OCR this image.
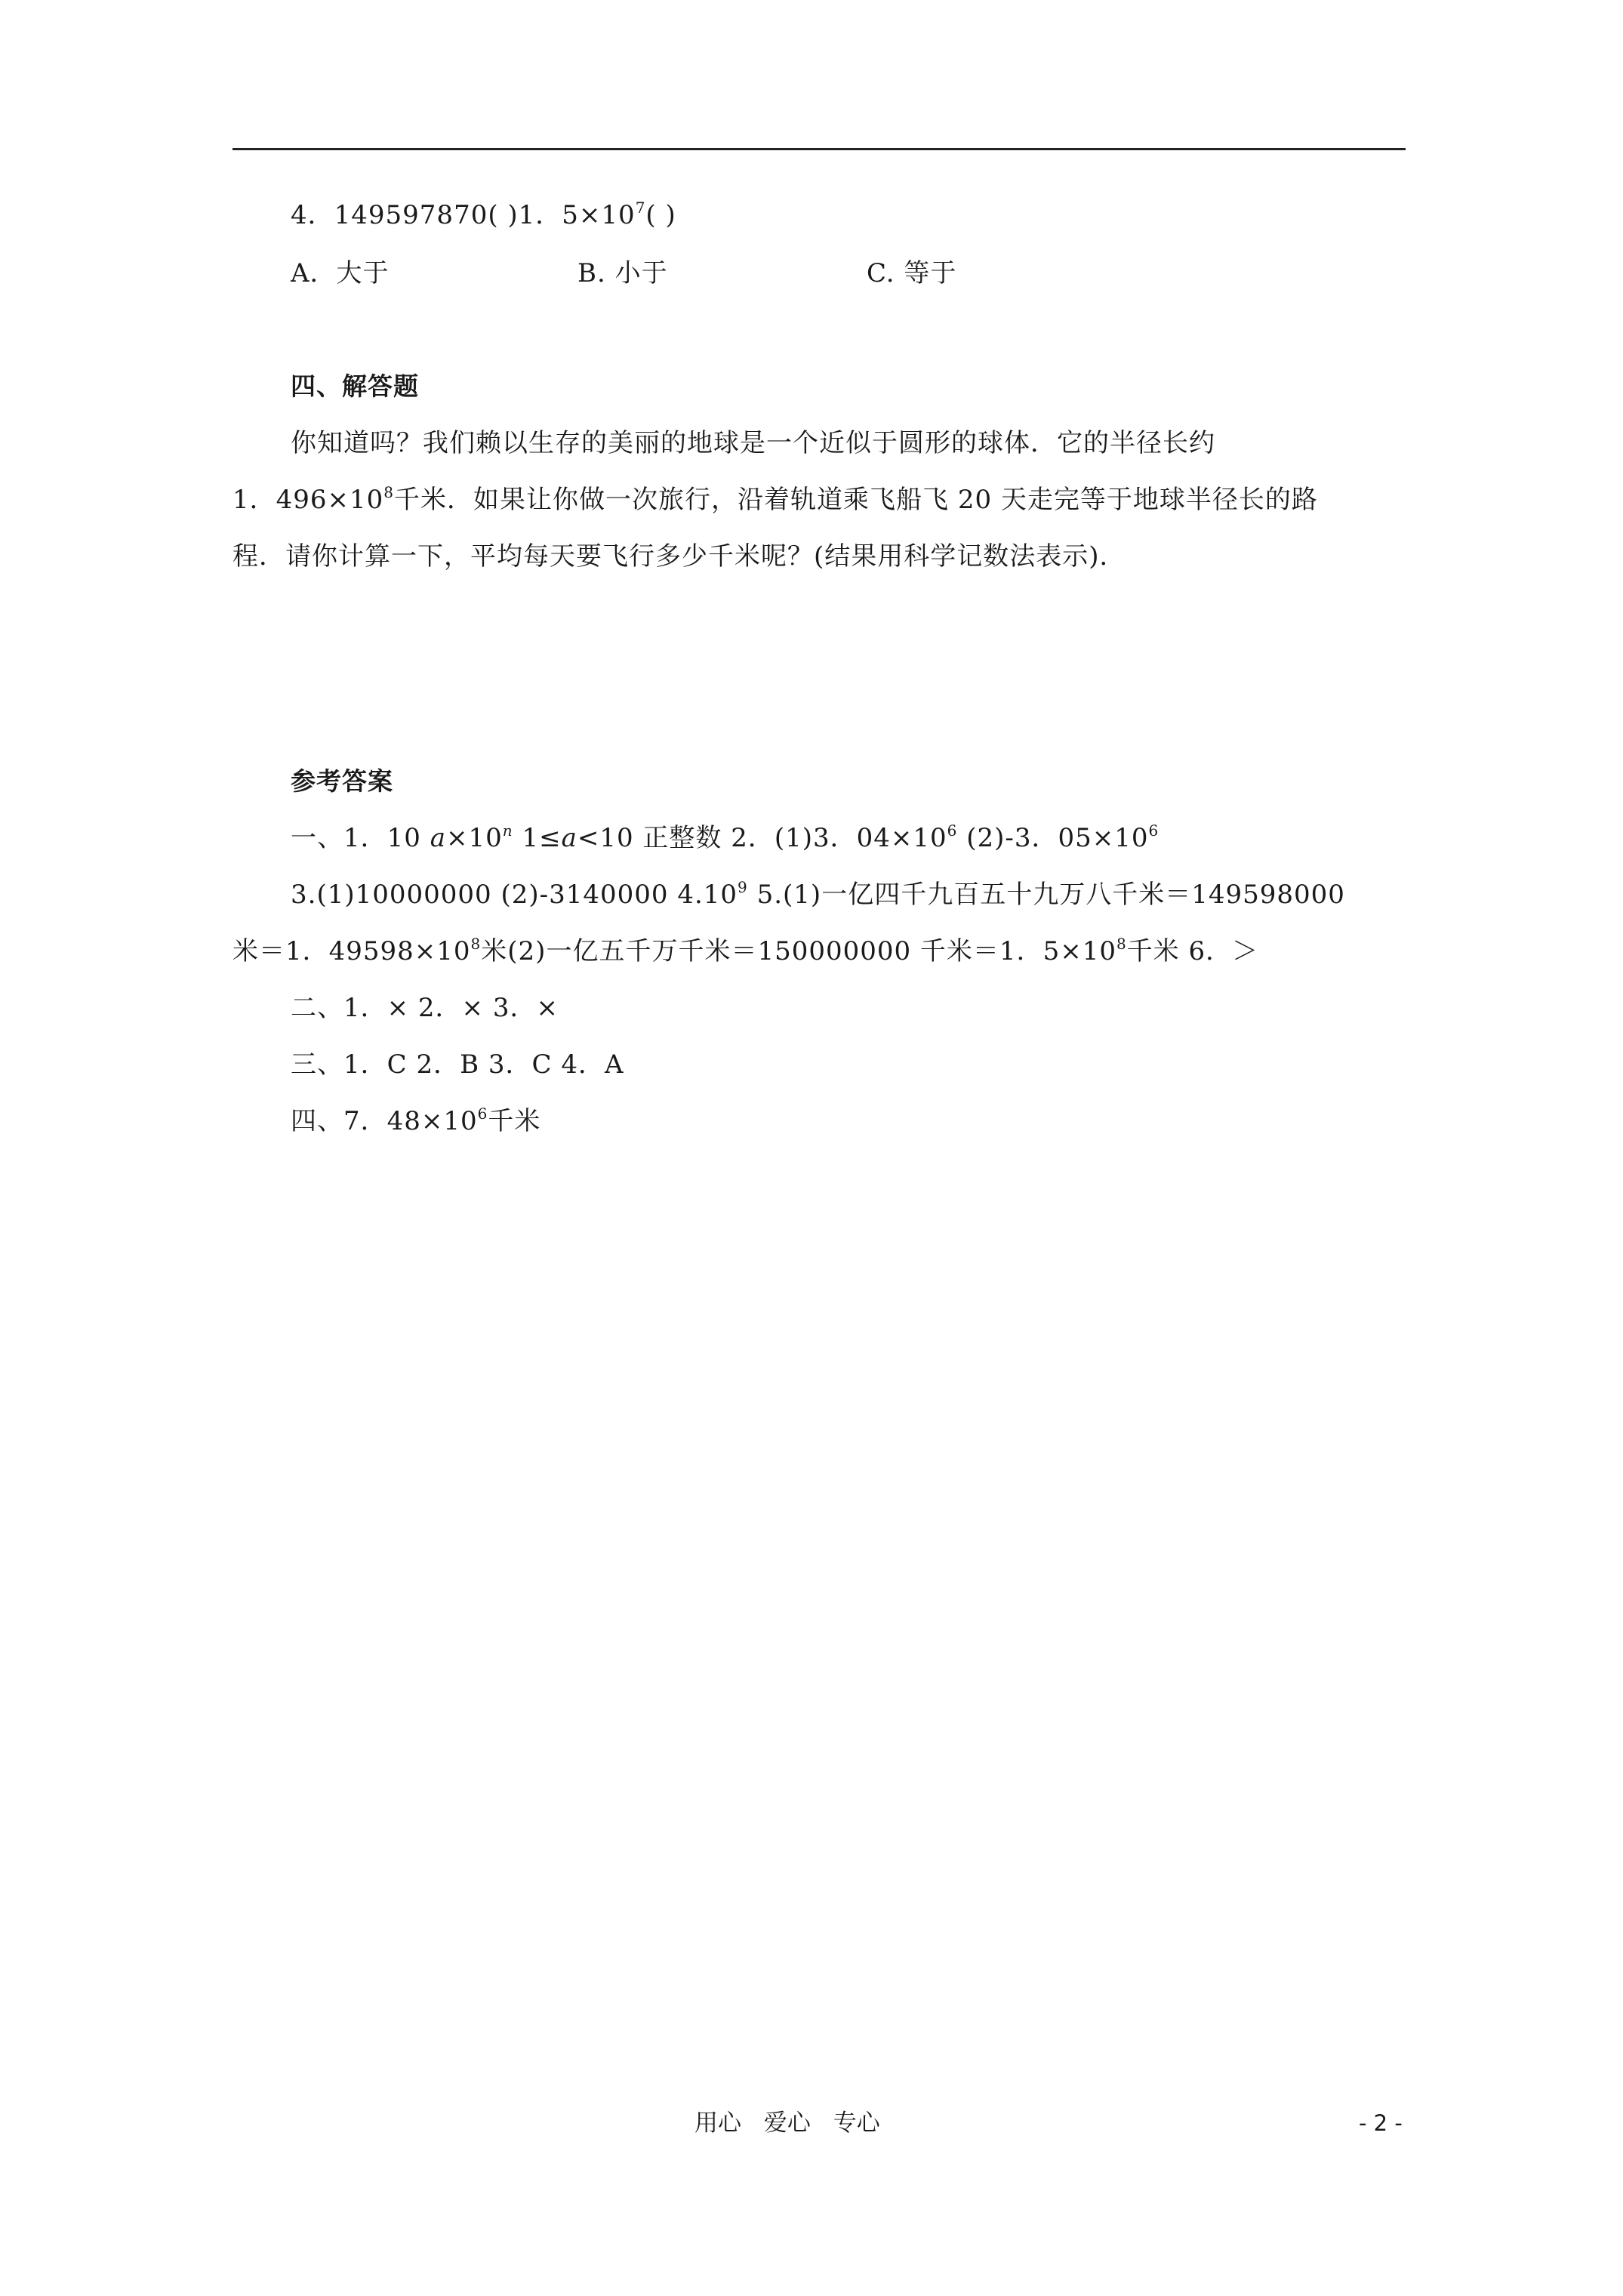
4．149597870( )1．$5\times 10^7$( )
A．大于	B. 小于	C. 等于
四、解答题
你知道吗？我们赖以生存的美丽的地球是一个近似于圆形的球体．它的半径长约
1．$496\times 10^8$千米．如果让你做一次旅行，沿着轨道乘飞船飞 20 天走完等于地球半径长的路
程．请你计算一下，平均每天要飞行多少千米呢？(结果用科学记数法表示)．
参考答案
一、1．10 $a\times 10^n$ 1≤a<10 正整数 2．(1)3．$04\times 10^6$ (2)-3．$05\times 10^6$
3.(1)10000000 (2)-3140000 4.10$^9$ 5.(1)一亿四千九百五十九万八千米＝149598000
米＝1．$49598\times 10^8$米(2)一亿五千万千米＝150000000 千米＝1．$5\times 10^8$千米 6．＞
二、1．× 2．× 3．×
三、1．C 2．B 3．C 4．A
四、7．$48\times 10^6$千米
用心 爱心 专心	- 2 -
